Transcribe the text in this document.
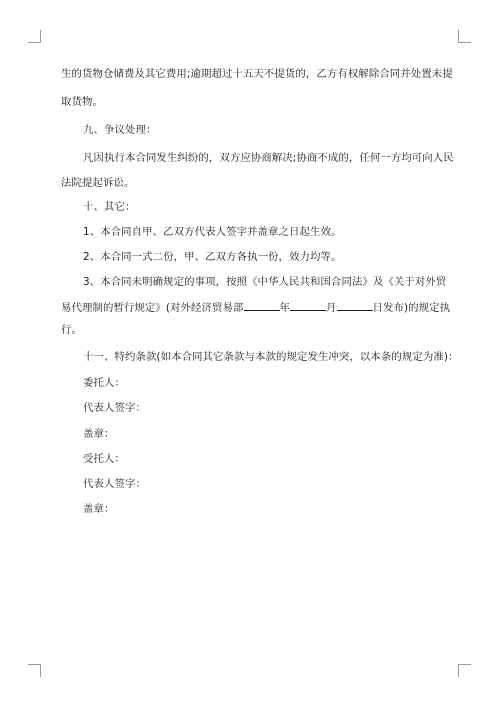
生的货物仓储费及其它费用;逾期超过十五天不提货的，乙方有权解除合同并处置未提

取货物。

九、争议处理：

凡因执行本合同发生纠纷的，双方应协商解决;协商不成的，任何一方均可向人民

法院提起诉讼。

十、其它：

1、本合同自甲、乙双方代表人签字并盖章之日起生效。

2、本合同一式二份，甲、乙双方各执一份，效力均等。

3、本合同未明确规定的事项，按照《中华人民共和国合同法》及《关于对外贸

易代理制的暂行规定》(对外经济贸易部	年	月	日发布)的规定执

行。

十一、特约条款(如本合同其它条款与本款的规定发生冲突，以本条的规定为准)：

委托人：

代表人签字：

盖章：

受托人：

代表人签字：

盖章：
